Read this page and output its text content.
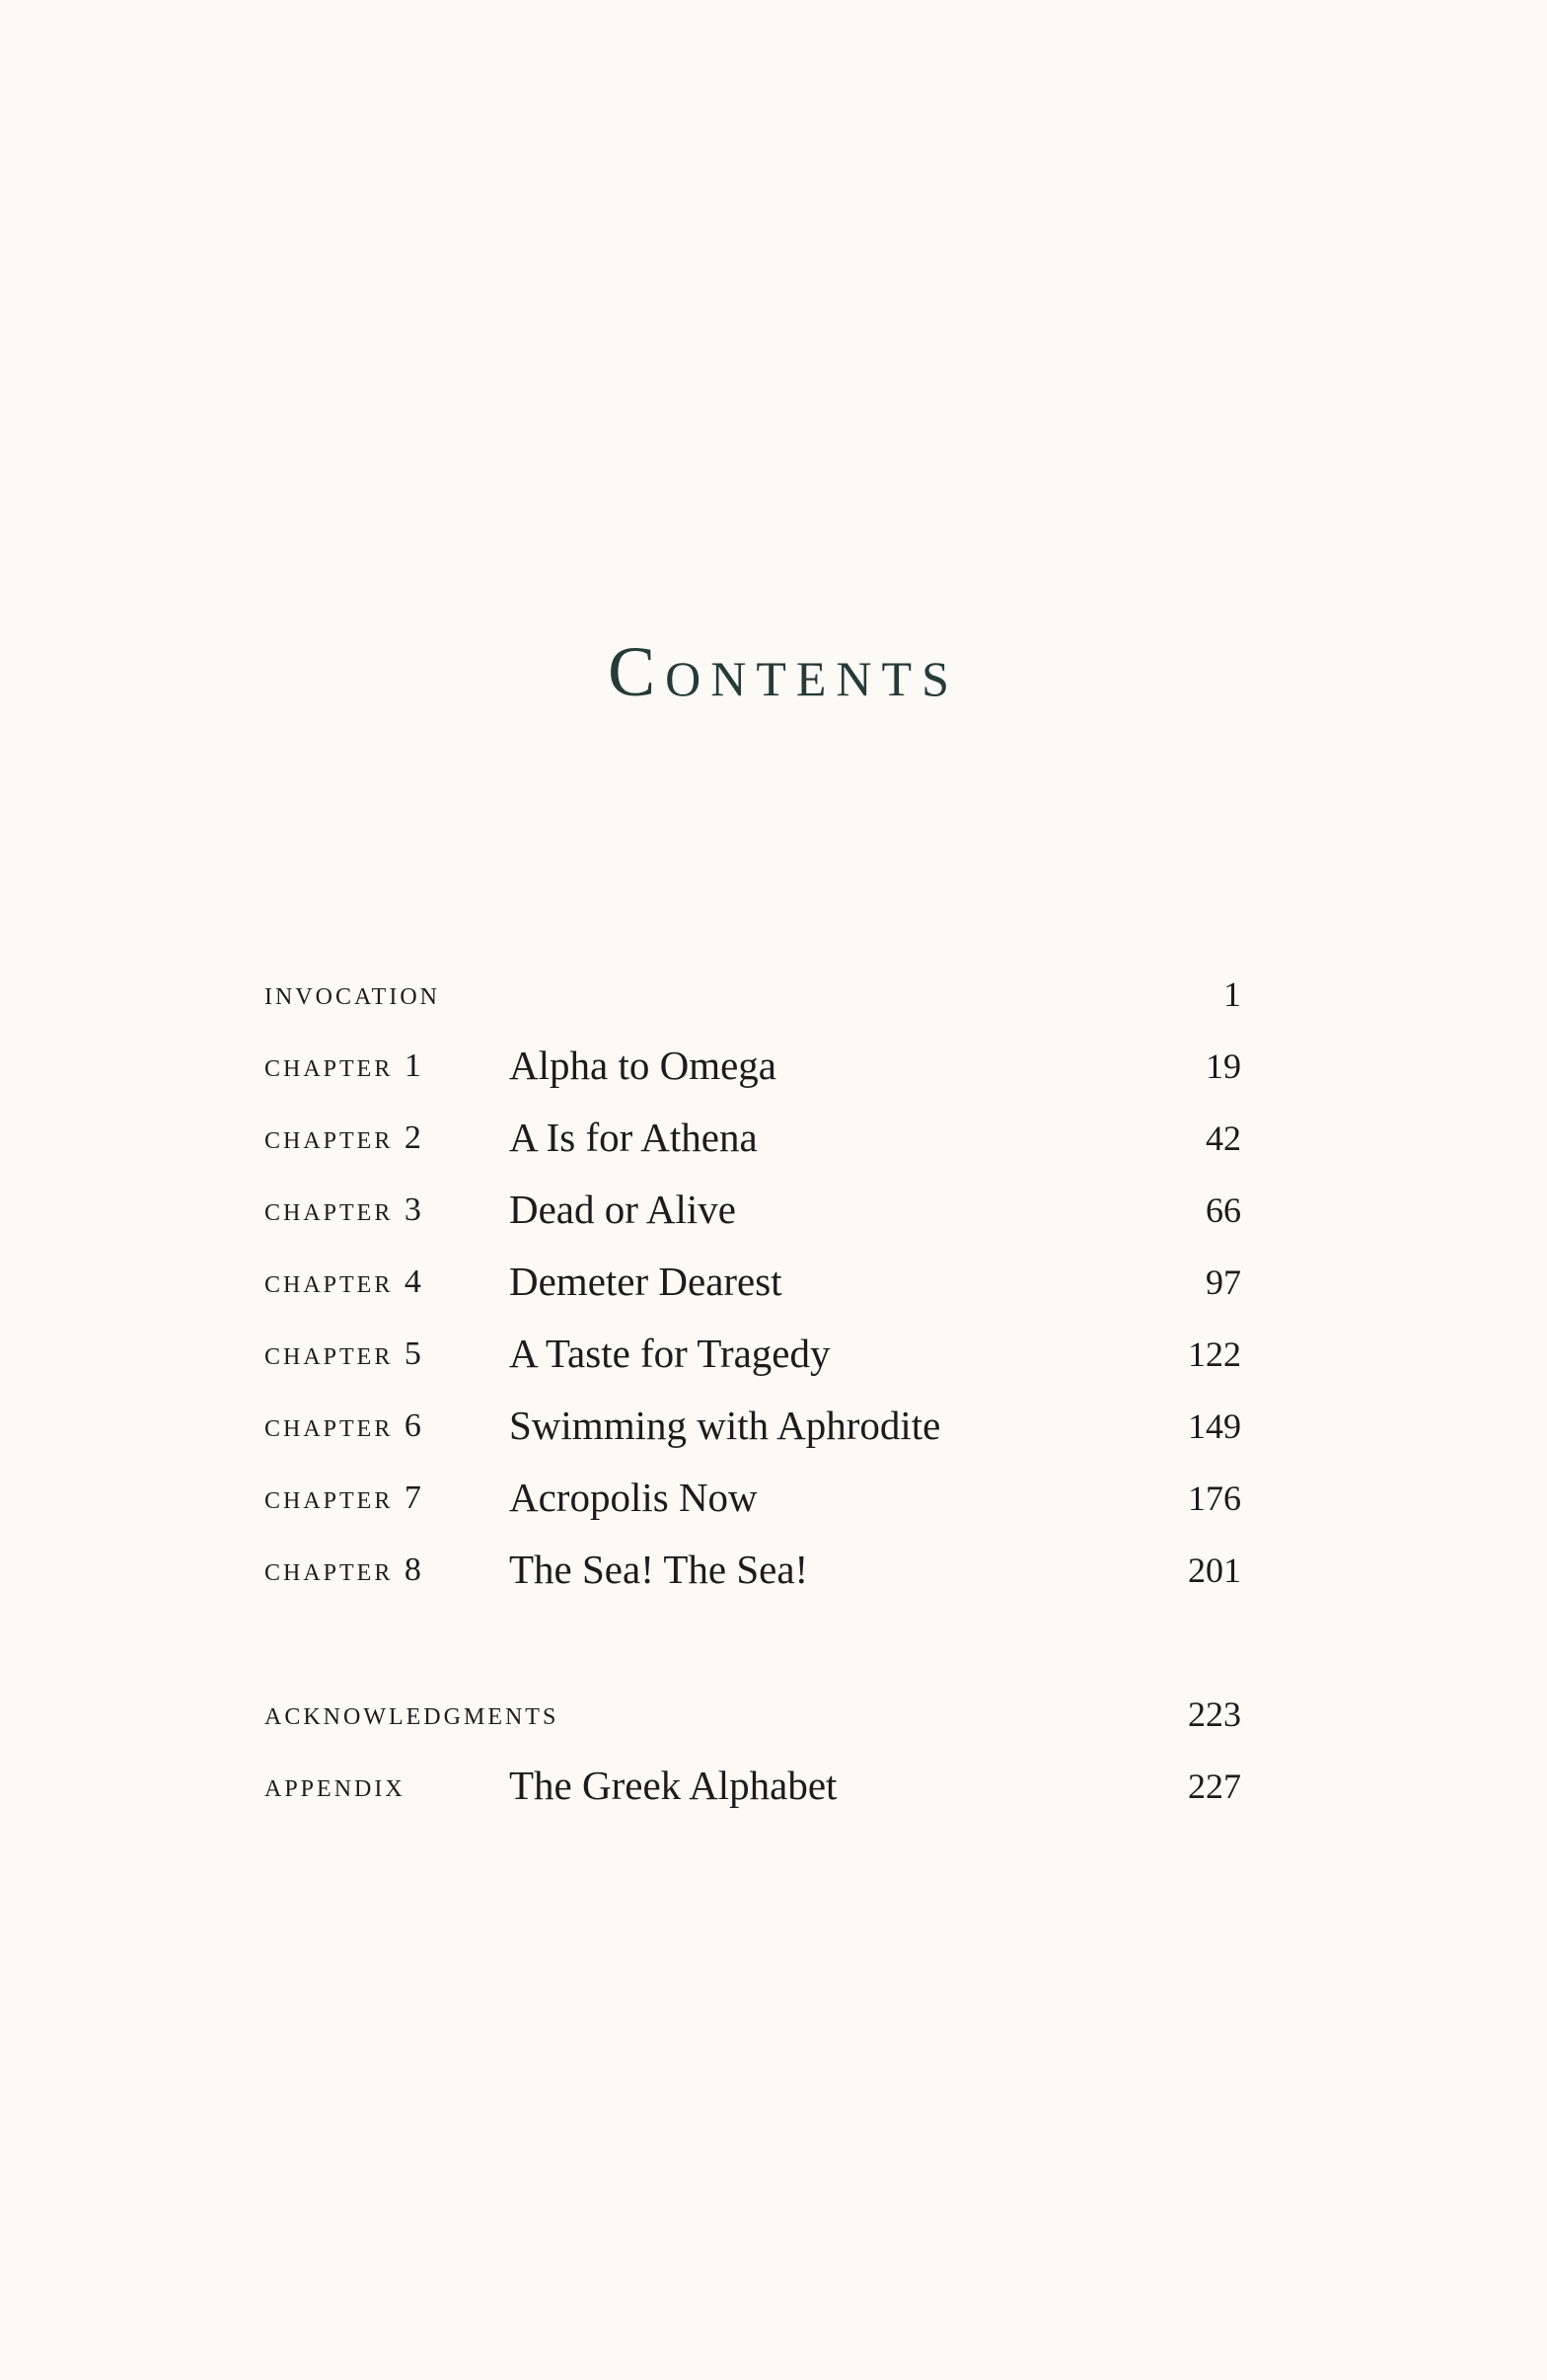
Contents
invocation	1
chapter 1 Alpha to Omega	19
chapter 2 A Is for Athena	42
chapter 3 Dead or Alive	66
chapter 4 Demeter Dearest	97
chapter 5 A Taste for Tragedy	122
chapter 6 Swimming with Aphrodite	149
chapter 7 Acropolis Now	176
chapter 8 The Sea! The Sea!	201
acknowledgments	223
appendix	The Greek Alphabet	227
